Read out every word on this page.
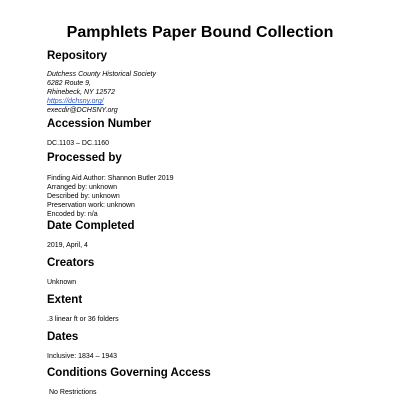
Pamphlets Paper Bound Collection
Repository
Dutchess County Historical Society
6282 Route 9,
Rhinebeck, NY 12572
https://dchsny.org/
execdir@DCHSNY.org
Accession Number
DC.1103 – DC.1160
Processed by
Finding Aid Author: Shannon Butler 2019
Arranged by: unknown
Described by: unknown
Preservation work: unknown
Encoded by: n/a
Date Completed
2019, April, 4
Creators
Unknown
Extent
.3 linear ft or 36 folders
Dates
Inclusive: 1834 – 1943
Conditions Governing Access
No Restrictions
